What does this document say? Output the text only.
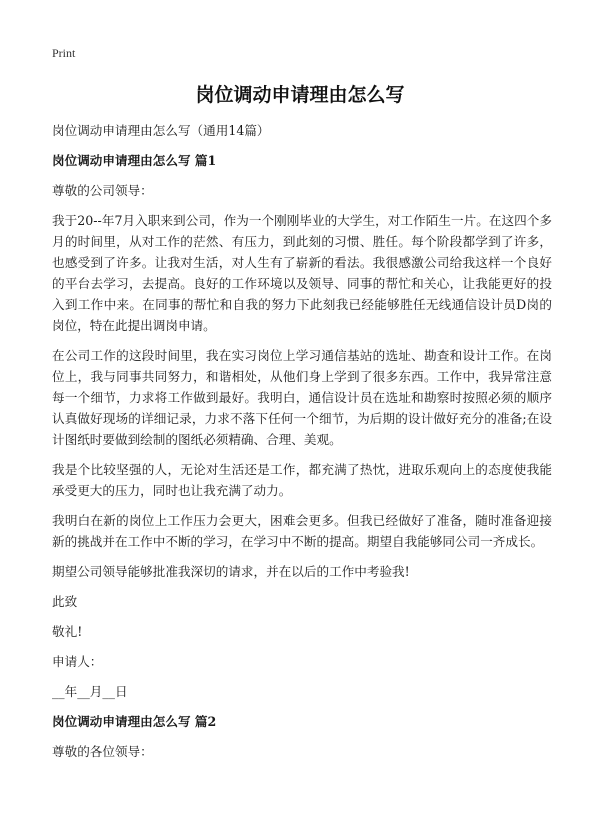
Print
岗位调动申请理由怎么写

岗位调动申请理由怎么写（通用14篇）

岗位调动申请理由怎么写 篇1

尊敬的公司领导：

我于20--年7月入职来到公司，作为一个刚刚毕业的大学生，对工作陌生一片。在这四个多月的时间里，从对工作的茫然、有压力，到此刻的习惯、胜任。每个阶段都学到了许多，也感受到了许多。让我对生活，对人生有了崭新的看法。我很感激公司给我这样一个良好的平台去学习，去提高。良好的工作环境以及领导、同事的帮忙和关心，让我能更好的投入到工作中来。在同事的帮忙和自我的努力下此刻我已经能够胜任无线通信设计员D岗的岗位，特在此提出调岗申请。

在公司工作的这段时间里，我在实习岗位上学习通信基站的选址、勘查和设计工作。在岗位上，我与同事共同努力，和谐相处，从他们身上学到了很多东西。工作中，我异常注意每一个细节，力求将工作做到最好。我明白，通信设计员在选址和勘察时按照必须的顺序认真做好现场的详细记录，力求不落下任何一个细节，为后期的设计做好充分的准备;在设计图纸时要做到绘制的图纸必须精确、合理、美观。

我是个比较坚强的人，无论对生活还是工作，都充满了热忱，进取乐观向上的态度使我能承受更大的压力，同时也让我充满了动力。

我明白在新的岗位上工作压力会更大，困难会更多。但我已经做好了准备，随时准备迎接新的挑战并在工作中不断的学习，在学习中不断的提高。期望自我能够同公司一齐成长。

期望公司领导能够批准我深切的请求，并在以后的工作中考验我!

此致

敬礼!

申请人：

__年__月__日

岗位调动申请理由怎么写 篇2

尊敬的各位领导：
